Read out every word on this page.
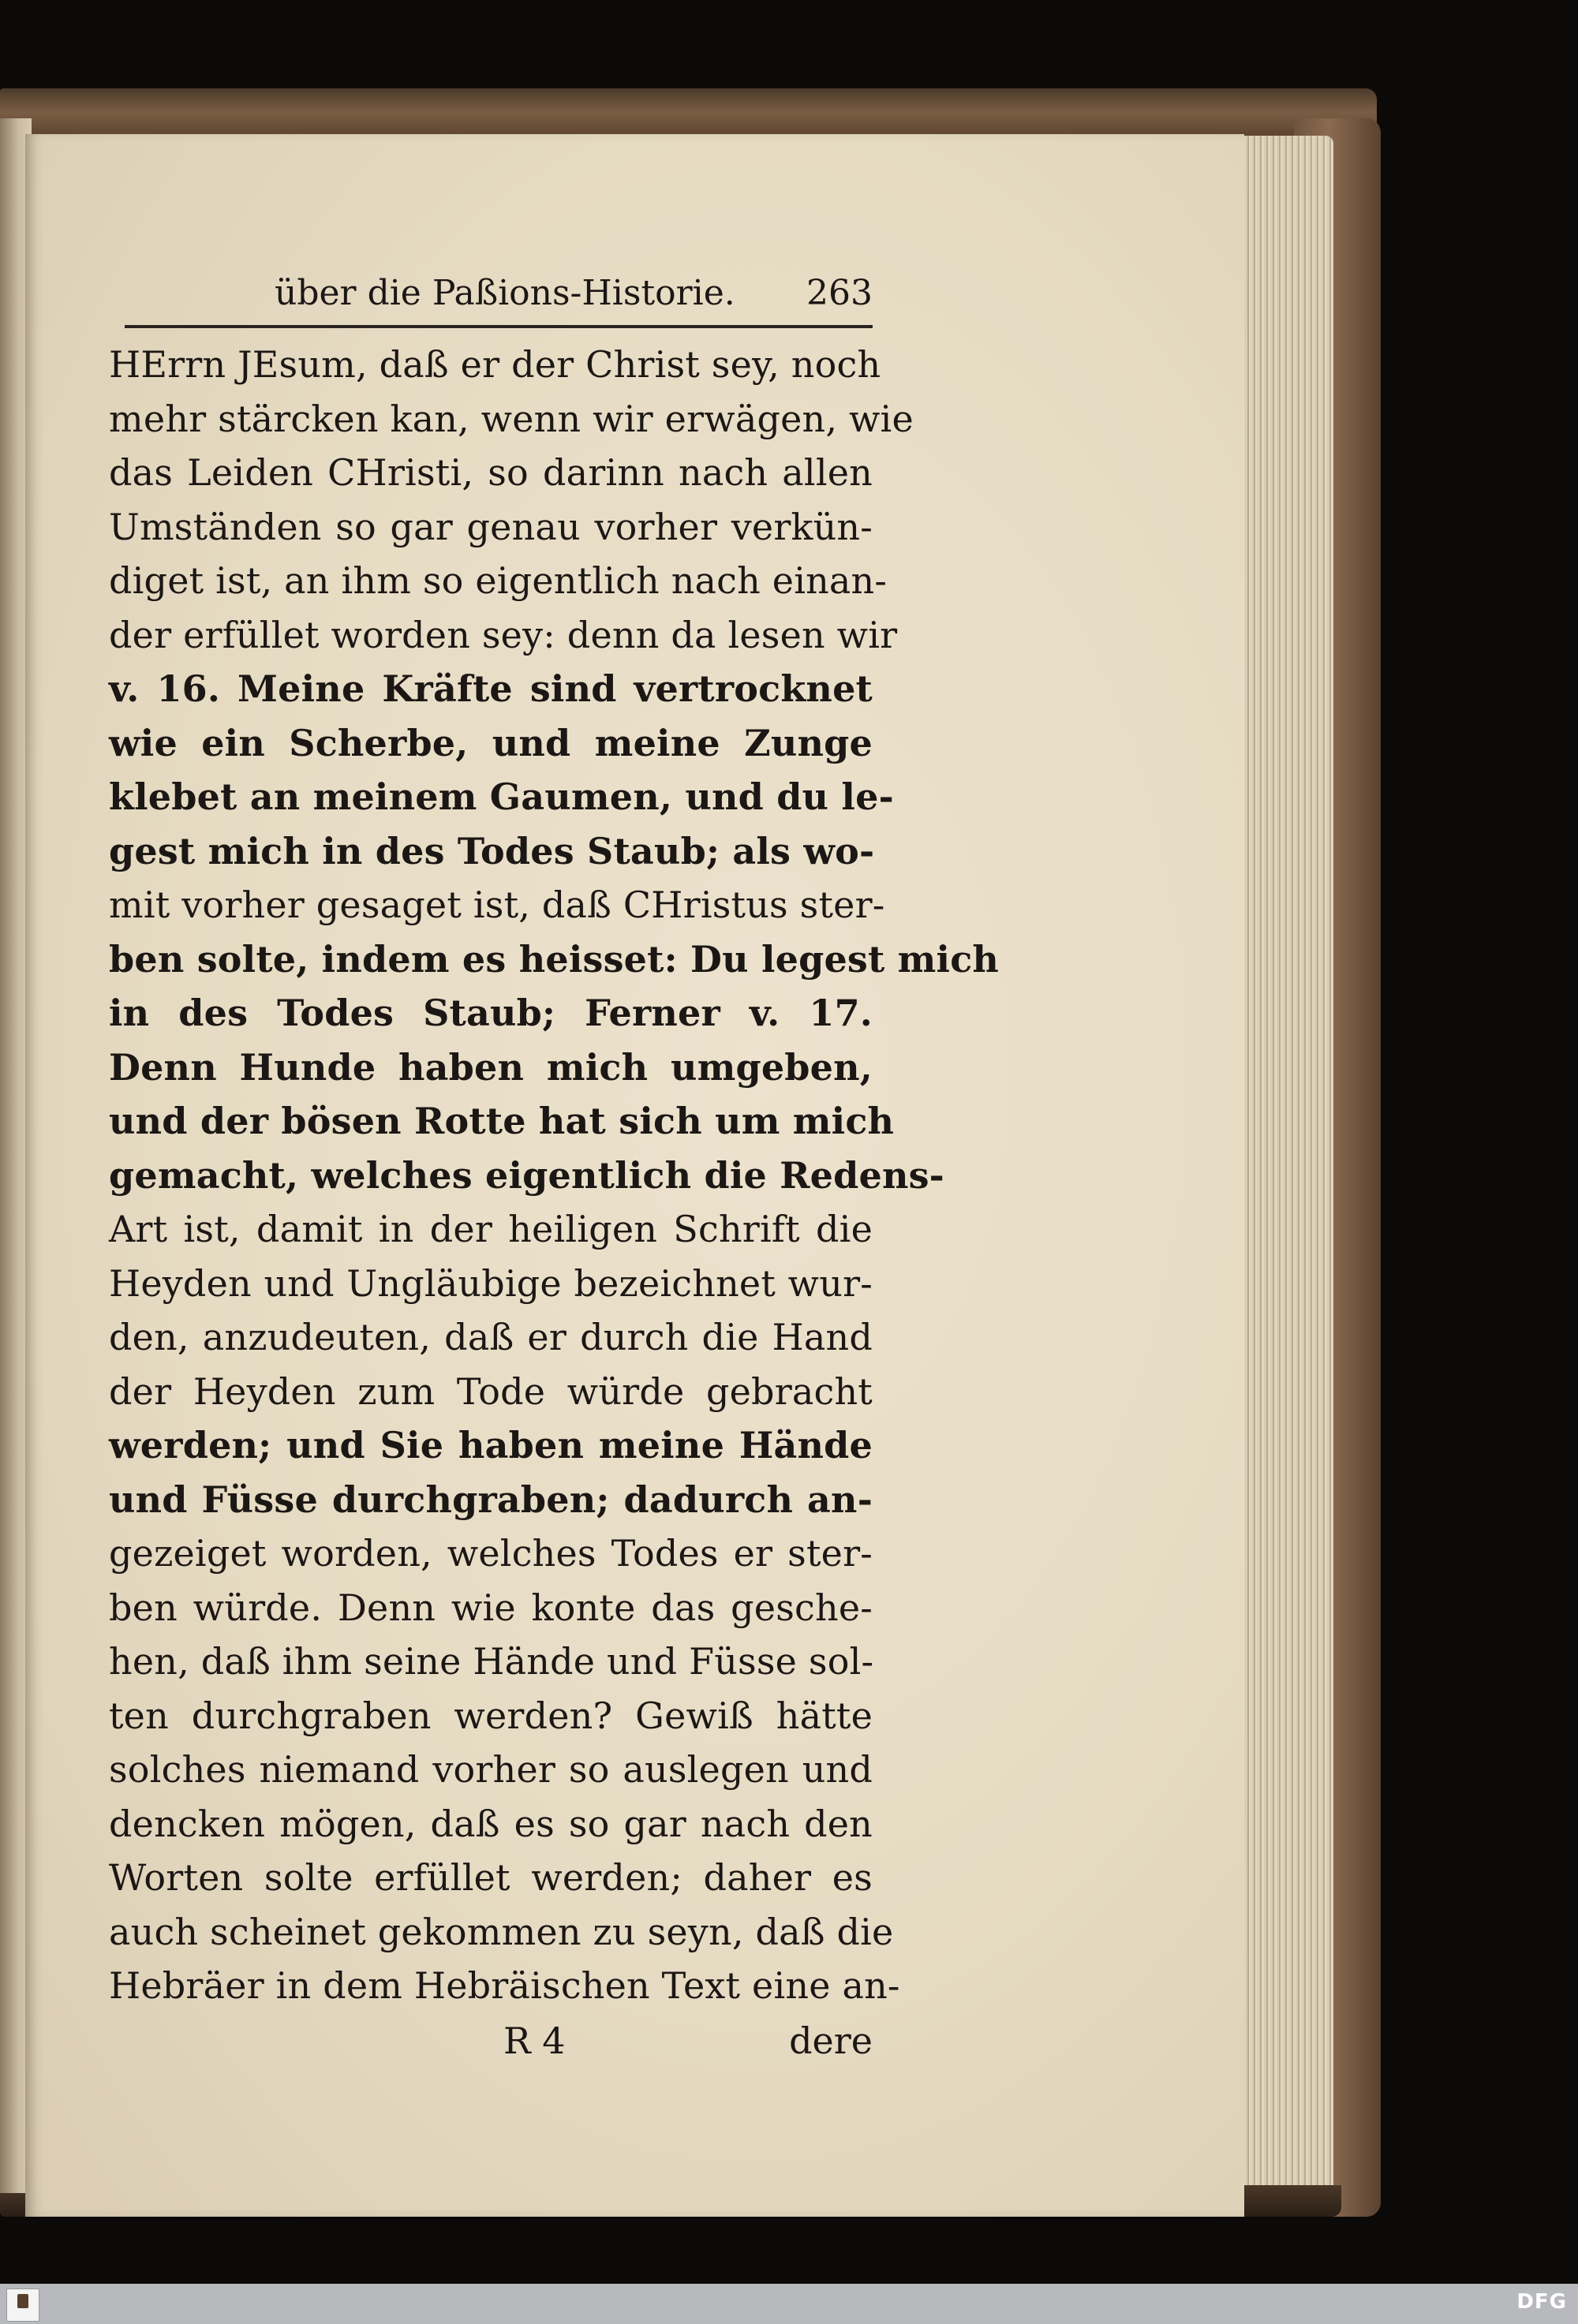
über die Paßions-Historie. 263
HErrn JEsum, daß er der Christ sey, noch
mehr stärcken kan, wenn wir erwägen, wie
das Leiden CHristi, so darinn nach allen
Umständen so gar genau vorher verkün-
diget ist, an ihm so eigentlich nach einan-
der erfüllet worden sey: denn da lesen wir
v. 16. Meine Kräfte sind vertrocknet
wie ein Scherbe, und meine Zunge
klebet an meinem Gaumen, und du le-
gest mich in des Todes Staub; als wo-
mit vorher gesaget ist, daß CHristus ster-
ben solte, indem es heisset: Du legest mich
in des Todes Staub; Ferner v. 17.
Denn Hunde haben mich umgeben,
und der bösen Rotte hat sich um mich
gemacht, welches eigentlich die Redens-
Art ist, damit in der heiligen Schrift die
Heyden und Ungläubige bezeichnet wur-
den, anzudeuten, daß er durch die Hand
der Heyden zum Tode würde gebracht
werden; und Sie haben meine Hände
und Füsse durchgraben; dadurch an-
gezeiget worden, welches Todes er ster-
ben würde. Denn wie konte das gesche-
hen, daß ihm seine Hände und Füsse sol-
ten durchgraben werden? Gewiß hätte
solches niemand vorher so auslegen und
dencken mögen, daß es so gar nach den
Worten solte erfüllet werden; daher es
auch scheinet gekommen zu seyn, daß die
Hebräer in dem Hebräischen Text eine an-
R 4	dere
DFG
